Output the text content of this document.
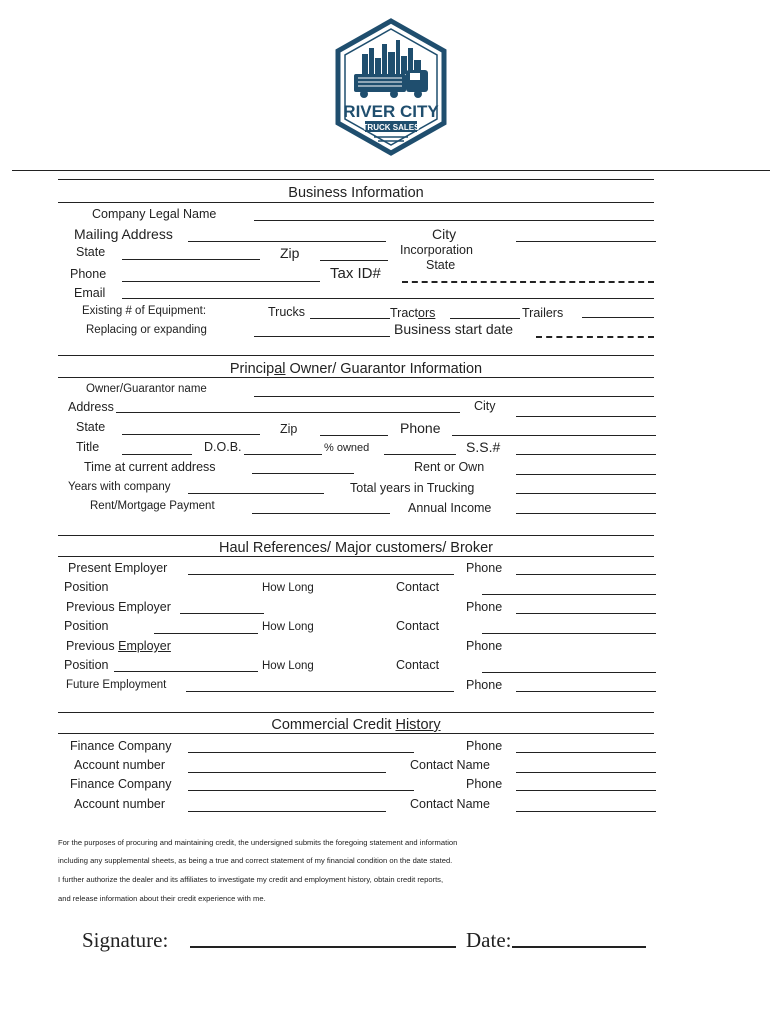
RIVER CITY
TRUCK SALES
Business Information
Company Legal Name
Mailing Address	City
State	Zip	Incorporation
State
Phone	Tax ID#
Email
Existing # of Equipment:	Trucks	Tractors	Trailers
Replacing or expanding	Business start date
Principal Owner/ Guarantor Information
Owner/Guarantor name
Address	City
State	Zip	Phone
Title	D.O.B.	% owned	S.S.#
Time at current address	Rent or Own
Years with company	Total years in Trucking
Rent/Mortgage Payment	Annual Income
Haul References/ Major customers/ Broker
Present Employer	Phone
Position	How Long	Contact
Previous Employer	Phone
Position	How Long	Contact
Previous Employer	Phone
Position	How Long	Contact
Future Employment	Phone
Commercial Credit History
Finance Company	Phone
Account number	Contact Name
Finance Company	Phone
Account number	Contact Name
For the purposes of procuring and maintaining credit, the undersigned submits the foregoing statement and information
including any supplemental sheets, as being a true and correct statement of my financial condition on the date stated.
I further authorize the dealer and its affiliates to investigate my credit and employment history, obtain credit reports,
and release information about their credit experience with me.
Signature:	Date:
